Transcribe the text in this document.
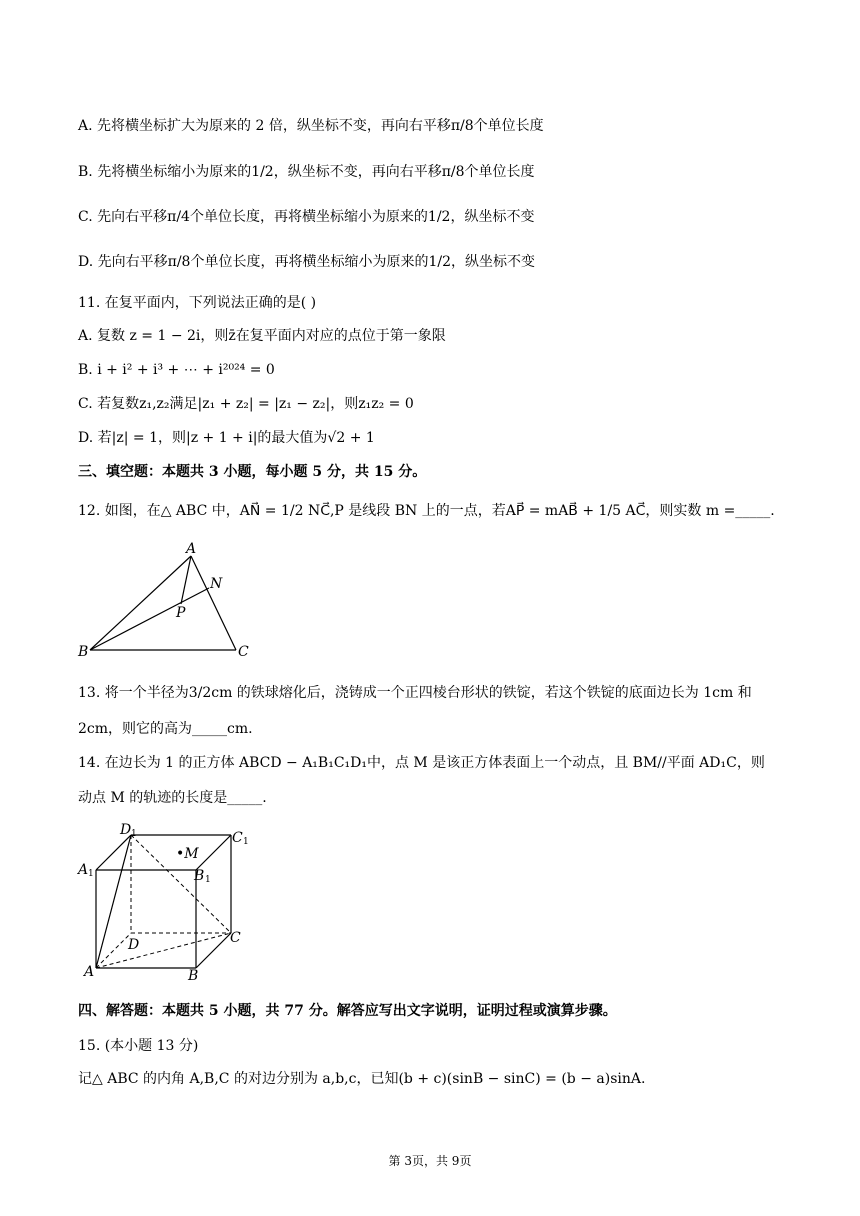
A. 先将横坐标扩大为原来的 2 倍，纵坐标不变，再向右平移π/8个单位长度
B. 先将横坐标缩小为原来的1/2，纵坐标不变，再向右平移π/8个单位长度
C. 先向右平移π/4个单位长度，再将横坐标缩小为原来的1/2，纵坐标不变
D. 先向右平移π/8个单位长度，再将横坐标缩小为原来的1/2，纵坐标不变
11. 在复平面内，下列说法正确的是( )
A. 复数 z = 1 − 2i，则z̄在复平面内对应的点位于第一象限
B. i + i² + i³ + ⋯ + i²⁰²⁴ = 0
C. 若复数z₁,z₂满足|z₁ + z₂| = |z₁ − z₂|，则z₁z₂ = 0
D. 若|z| = 1，则|z + 1 + i|的最大值为√2 + 1
三、填空题：本题共 3 小题，每小题 5 分，共 15 分。
12. 如图，在△ ABC 中，AN⃗ = 1/2 NC⃗,P 是线段 BN 上的一点，若AP⃗ = mAB⃗ + 1/5 AC⃗，则实数 m =_____.
A
B	C
N
P
13. 将一个半径为3/2cm 的铁球熔化后，浇铸成一个正四棱台形状的铁锭，若这个铁锭的底面边长为 1cm 和
2cm，则它的高为_____cm.
14. 在边长为 1 的正方体 ABCD − A₁B₁C₁D₁中，点 M 是该正方体表面上一个动点，且 BM//平面 AD₁C，则
动点 M 的轨迹的长度是_____.
D 1	C 1
A 1	B 1
•M
D	C
A	B
四、解答题：本题共 5 小题，共 77 分。解答应写出文字说明，证明过程或演算步骤。
15. (本小题 13 分)
记△ ABC 的内角 A,B,C 的对边分别为 a,b,c，已知(b + c)(sinB − sinC) = (b − a)sinA.
第 3页，共 9页
